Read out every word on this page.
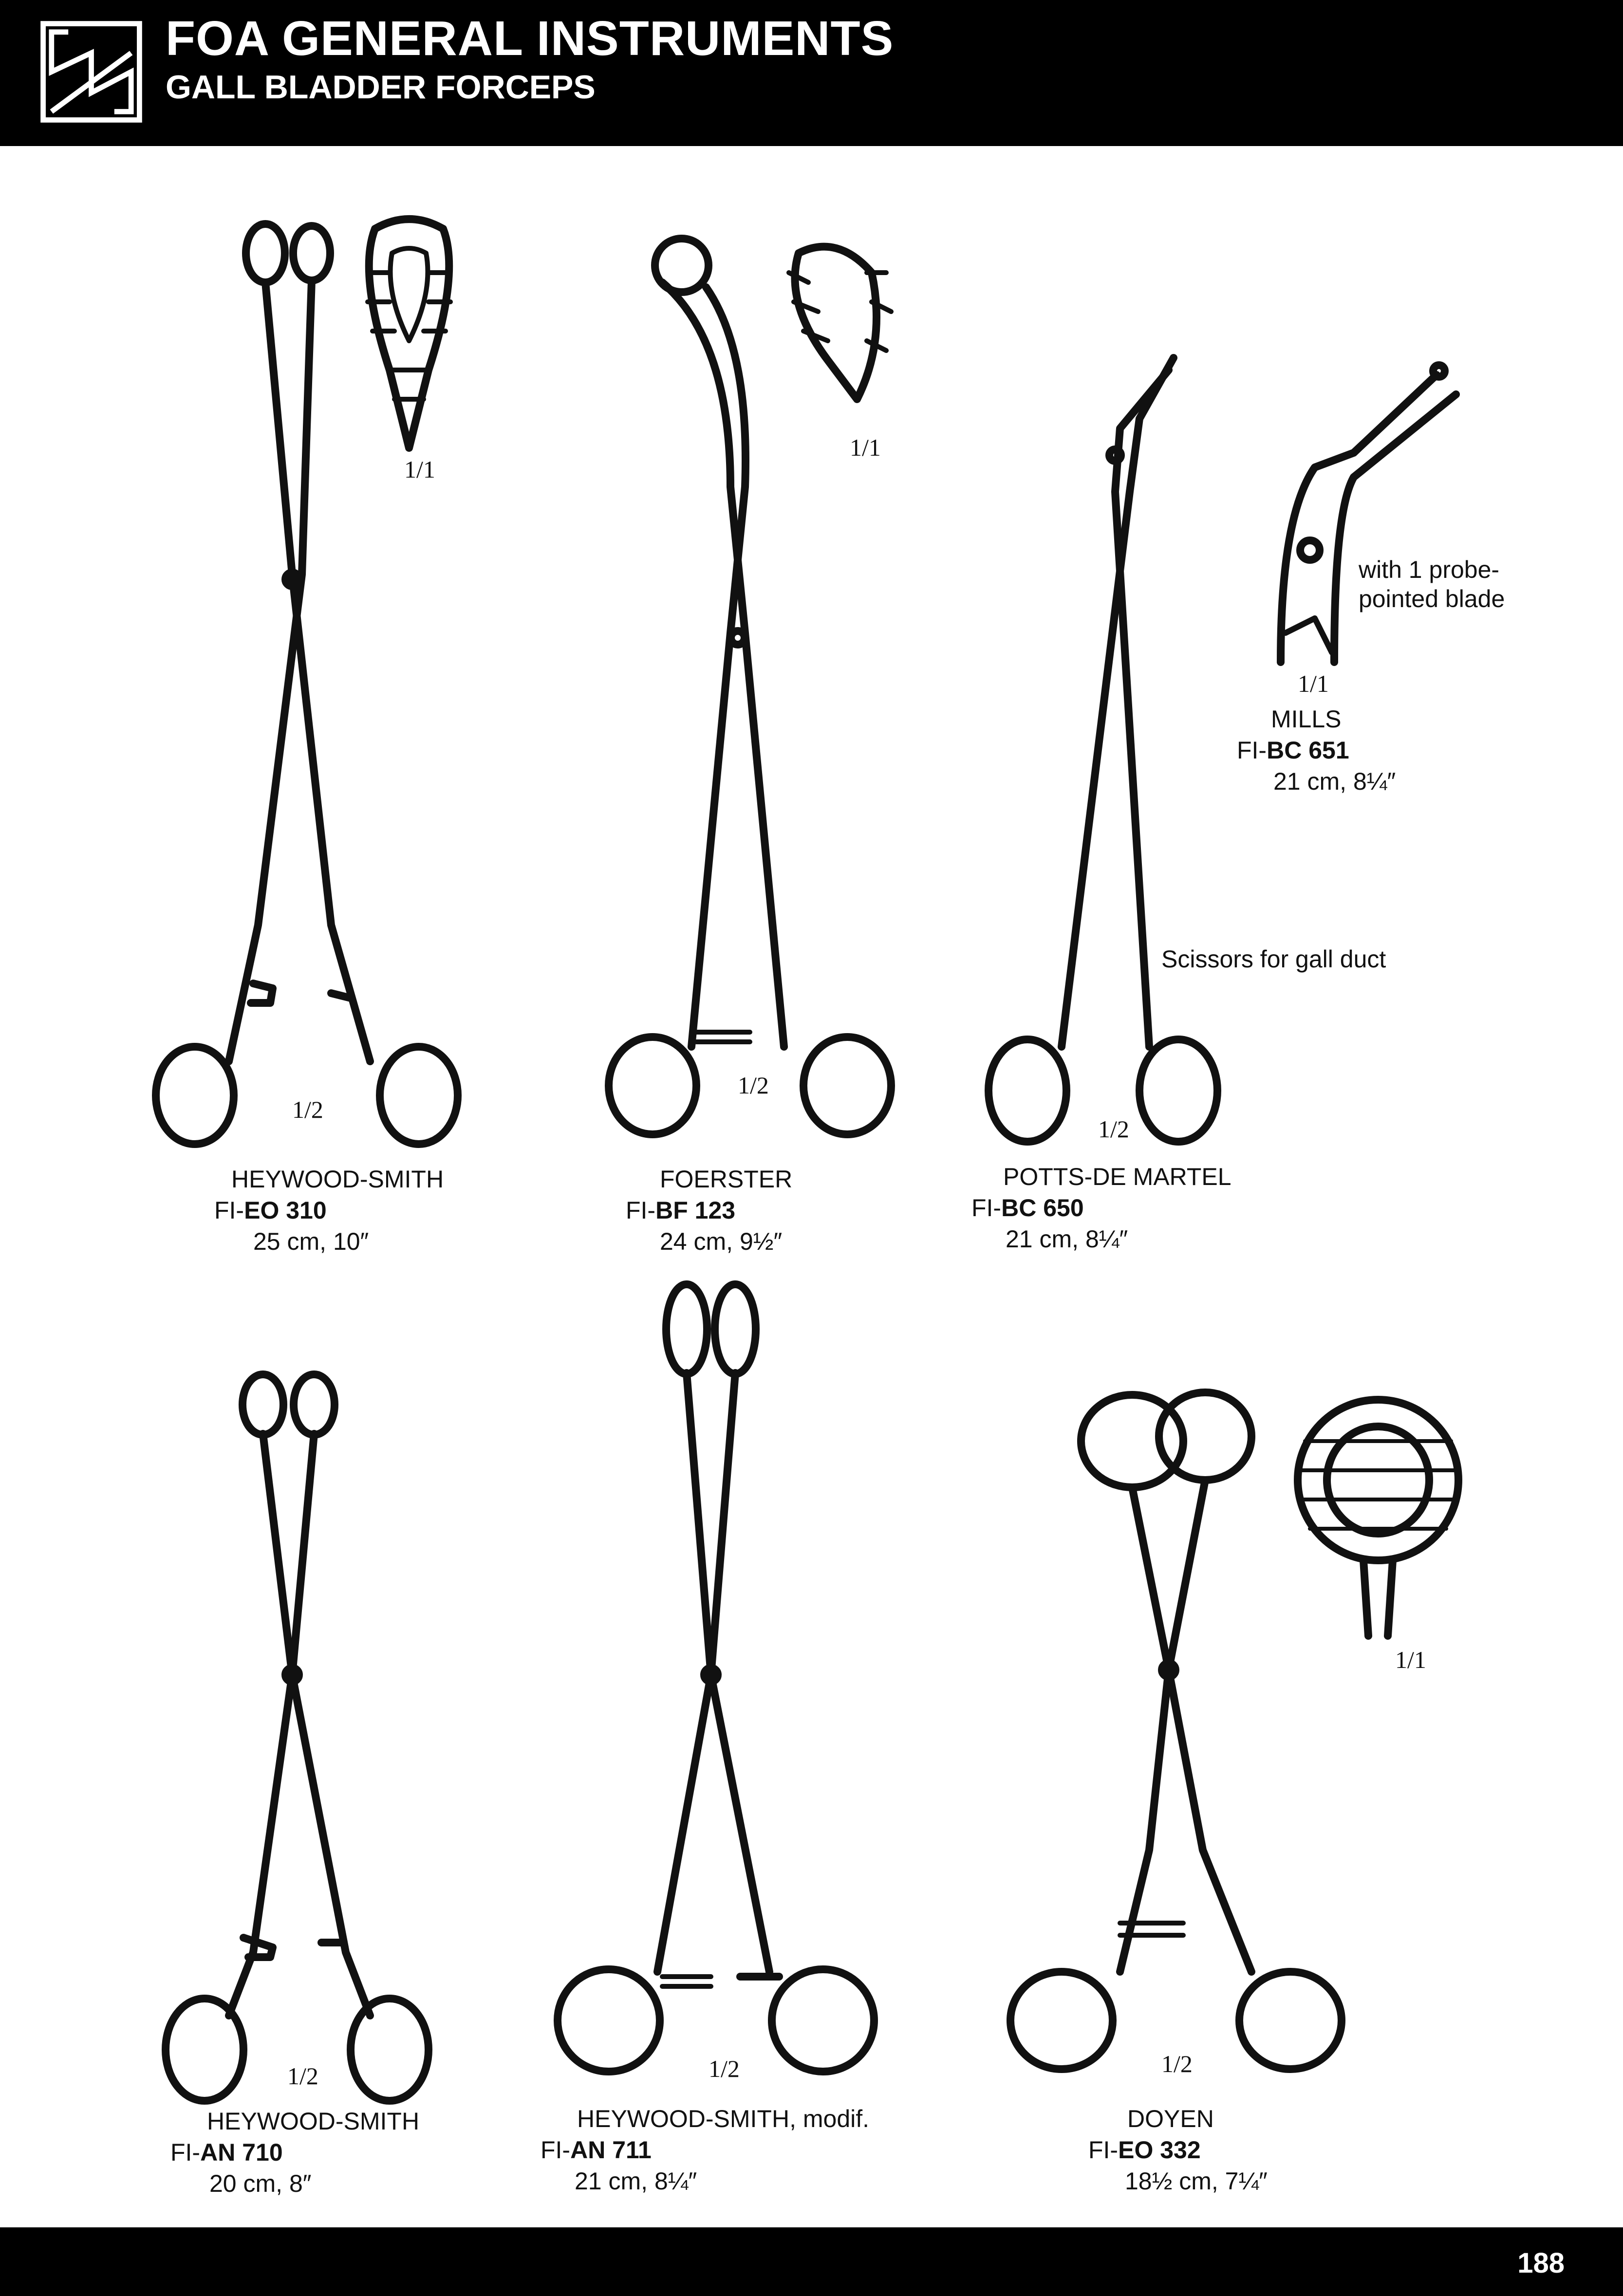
FOA GENERAL INSTRUMENTS
GALL BLADDER FORCEPS
1/1
1/2
1/1
1/2
1/2
1/1
1/2	1/2	1/2
1/1
with 1 probe-
pointed blade
Scissors for gall duct
HEYWOOD-SMITH
FI-EO 310
25 cm, 10″
FOERSTER
FI-BF 123
24 cm, 9½″
POTTS-DE MARTEL
FI-BC 650
21 cm, 8¼″
MILLS
FI-BC 651
21 cm, 8¼″
HEYWOOD-SMITH
FI-AN 710
20 cm, 8″
HEYWOOD-SMITH, modif.
FI-AN 711
21 cm, 8¼″
DOYEN
FI-EO 332
18½ cm, 7¼″
188
